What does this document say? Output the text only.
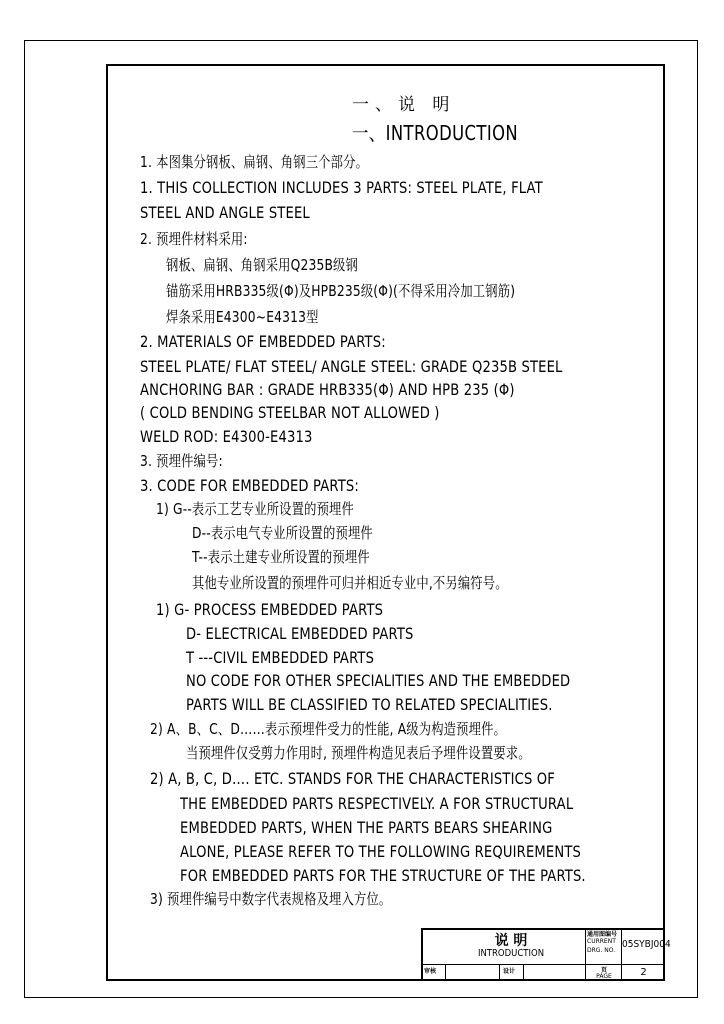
一、说 明
一、INTRODUCTION
1. 本图集分钢板、扁钢、角钢三个部分。
1. THIS COLLECTION INCLUDES 3 PARTS: STEEL PLATE, FLAT
STEEL AND ANGLE STEEL
2. 预埋件材料采用:
钢板、扁钢、角钢采用Q235B级钢
锚筋采用HRB335级(Φ)及HPB235级(Φ)(不得采用冷加工钢筋)
焊条采用E4300~E4313型
2. MATERIALS OF EMBEDDED PARTS:
STEEL PLATE/ FLAT STEEL/ ANGLE STEEL: GRADE Q235B STEEL
ANCHORING BAR : GRADE HRB335(Φ) AND HPB 235 (Φ)
( COLD BENDING STEELBAR NOT ALLOWED )
WELD ROD: E4300-E4313
3. 预埋件编号:
3. CODE FOR EMBEDDED PARTS:
1) G--表示工艺专业所设置的预埋件
D--表示电气专业所设置的预埋件
T--表示土建专业所设置的预埋件
其他专业所设置的预埋件可归并相近专业中,不另编符号。
1) G- PROCESS EMBEDDED PARTS
D- ELECTRICAL EMBEDDED PARTS
T ---CIVIL EMBEDDED PARTS
NO CODE FOR OTHER SPECIALITIES AND THE EMBEDDED
PARTS WILL BE CLASSIFIED TO RELATED SPECIALITIES.
2) A、B、C、D……表示预埋件受力的性能, A级为构造预埋件。
当预埋件仅受剪力作用时, 预埋件构造见表后予埋件设置要求。
2) A, B, C, D…. ETC. STANDS FOR THE CHARACTERISTICS OF
THE EMBEDDED PARTS RESPECTIVELY. A FOR STRUCTURAL
EMBEDDED PARTS, WHEN THE PARTS BEARS SHEARING
ALONE, PLEASE REFER TO THE FOLLOWING REQUIREMENTS
FOR EMBEDDED PARTS FOR THE STRUCTURE OF THE PARTS.
3) 预埋件编号中数字代表规格及埋入方位。
说 明
INTRODUCTION
通用图编号
CURRENT
DRG. NO.
05SYBJ004
审核	设计	页
PAGE	2
